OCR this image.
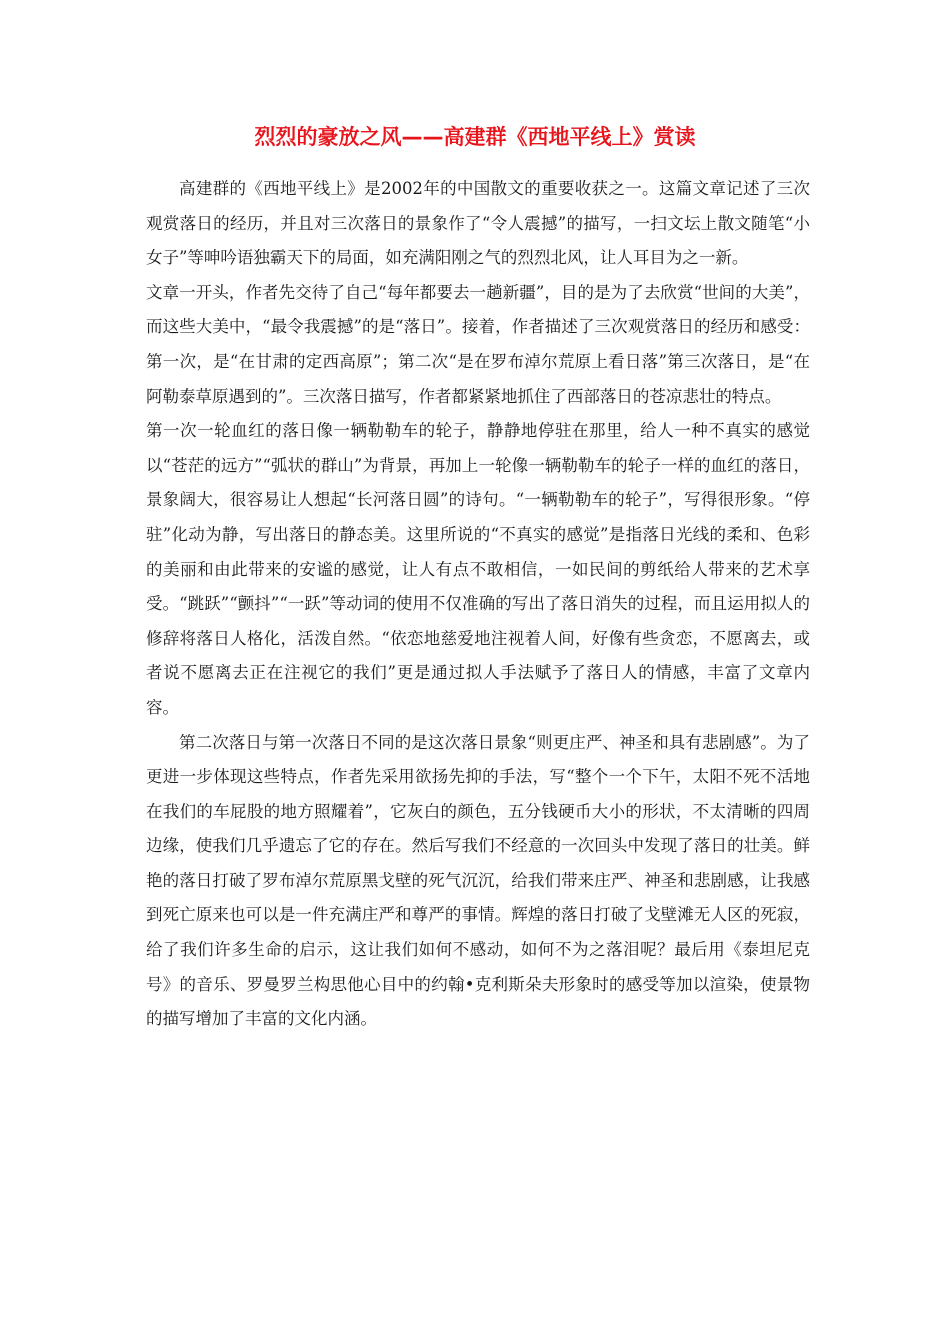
烈烈的豪放之风——高建群《西地平线上》赏读

高建群的《西地平线上》是2002年的中国散文的重要收获之一。这篇文章记述了三次观赏落日的经历，并且对三次落日的景象作了“令人震撼”的描写，一扫文坛上散文随笔“小女子”等呻吟语独霸天下的局面，如充满阳刚之气的烈烈北风，让人耳目为之一新。

文章一开头，作者先交待了自己“每年都要去一趟新疆”，目的是为了去欣赏“世间的大美”，而这些大美中，“最令我震撼”的是“落日”。接着，作者描述了三次观赏落日的经历和感受：第一次，是“在甘肃的定西高原”；第二次“是在罗布淖尔荒原上看日落”第三次落日，是“在阿勒泰草原遇到的”。三次落日描写，作者都紧紧地抓住了西部落日的苍凉悲壮的特点。

第一次一轮血红的落日像一辆勒勒车的轮子，静静地停驻在那里，给人一种不真实的感觉以“苍茫的远方”“弧状的群山”为背景，再加上一轮像一辆勒勒车的轮子一样的血红的落日，景象阔大，很容易让人想起“长河落日圆”的诗句。“一辆勒勒车的轮子”，写得很形象。“停驻”化动为静，写出落日的静态美。这里所说的“不真实的感觉”是指落日光线的柔和、色彩的美丽和由此带来的安谧的感觉，让人有点不敢相信，一如民间的剪纸给人带来的艺术享受。“跳跃”“颤抖”“一跃”等动词的使用不仅准确的写出了落日消失的过程，而且运用拟人的修辞将落日人格化，活泼自然。“依恋地慈爱地注视着人间，好像有些贪恋，不愿离去，或者说不愿离去正在注视它的我们”更是通过拟人手法赋予了落日人的情感，丰富了文章内容。

第二次落日与第一次落日不同的是这次落日景象“则更庄严、神圣和具有悲剧感”。为了更进一步体现这些特点，作者先采用欲扬先抑的手法，写“整个一个下午，太阳不死不活地在我们的车屁股的地方照耀着”，它灰白的颜色，五分钱硬币大小的形状，不太清晰的四周边缘，使我们几乎遗忘了它的存在。然后写我们不经意的一次回头中发现了落日的壮美。鲜艳的落日打破了罗布淖尔荒原黑戈壁的死气沉沉，给我们带来庄严、神圣和悲剧感，让我感到死亡原来也可以是一件充满庄严和尊严的事情。辉煌的落日打破了戈壁滩无人区的死寂，给了我们许多生命的启示，这让我们如何不感动，如何不为之落泪呢？最后用《泰坦尼克号》的音乐、罗曼罗兰构思他心目中的约翰•克利斯朵夫形象时的感受等加以渲染，使景物的描写增加了丰富的文化内涵。
